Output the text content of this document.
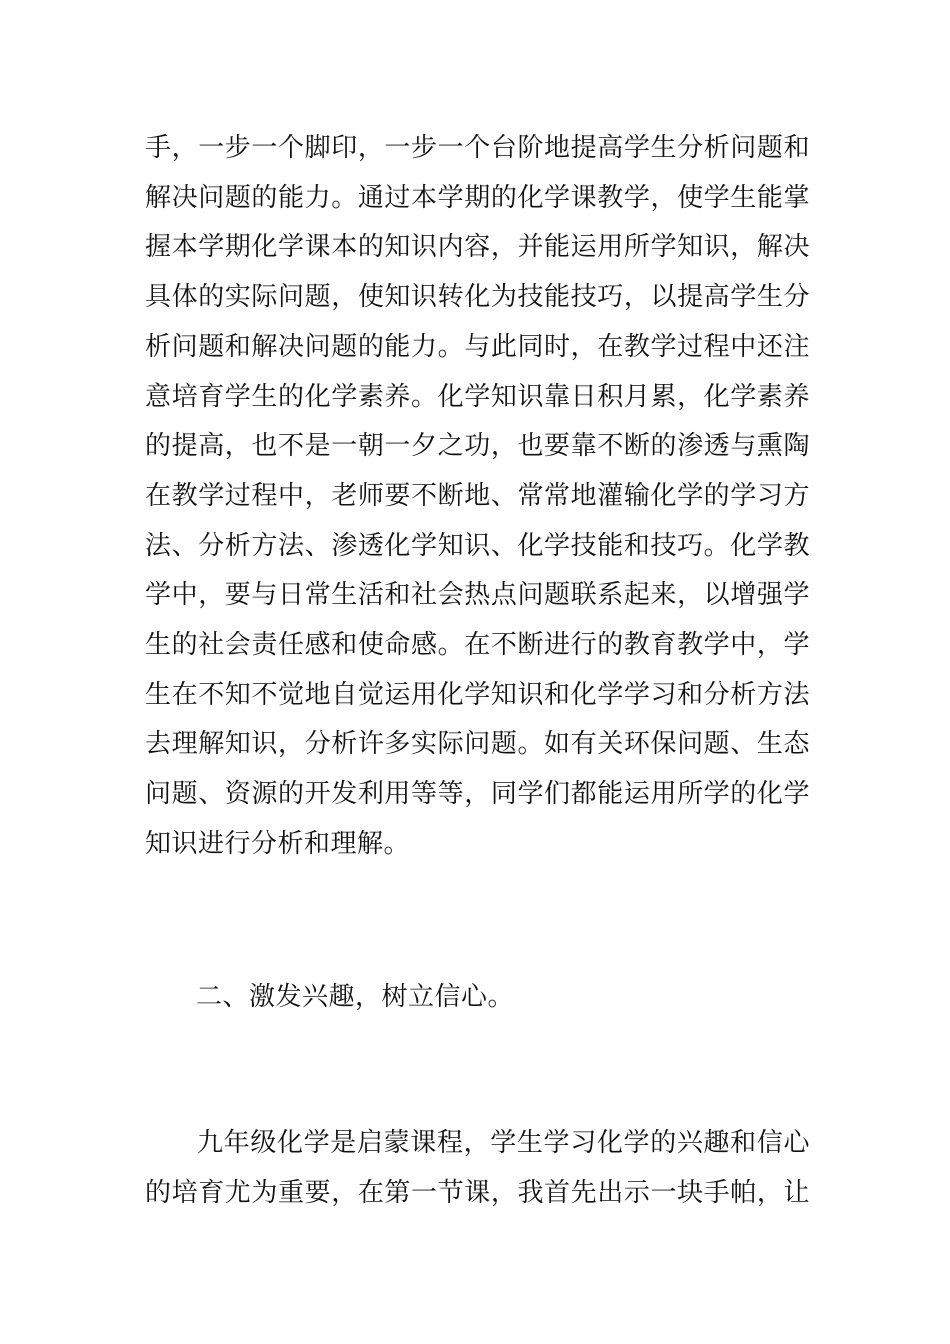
手，一步一个脚印，一步一个台阶地提高学生分析问题和
解决问题的能力。通过本学期的化学课教学，使学生能掌
握本学期化学课本的知识内容，并能运用所学知识，解决
具体的实际问题，使知识转化为技能技巧，以提高学生分
析问题和解决问题的能力。与此同时，在教学过程中还注
意培育学生的化学素养。化学知识靠日积月累，化学素养
的提高，也不是一朝一夕之功，也要靠不断的渗透与熏陶
在教学过程中，老师要不断地、常常地灌输化学的学习方
法、分析方法、渗透化学知识、化学技能和技巧。化学教
学中，要与日常生活和社会热点问题联系起来，以增强学
生的社会责任感和使命感。在不断进行的教育教学中，学
生在不知不觉地自觉运用化学知识和化学学习和分析方法
去理解知识，分析许多实际问题。如有关环保问题、生态
问题、资源的开发利用等等，同学们都能运用所学的化学
知识进行分析和理解。
二、激发兴趣，树立信心。
九年级化学是启蒙课程，学生学习化学的兴趣和信心
的培育尤为重要，在第一节课，我首先出示一块手帕，让
